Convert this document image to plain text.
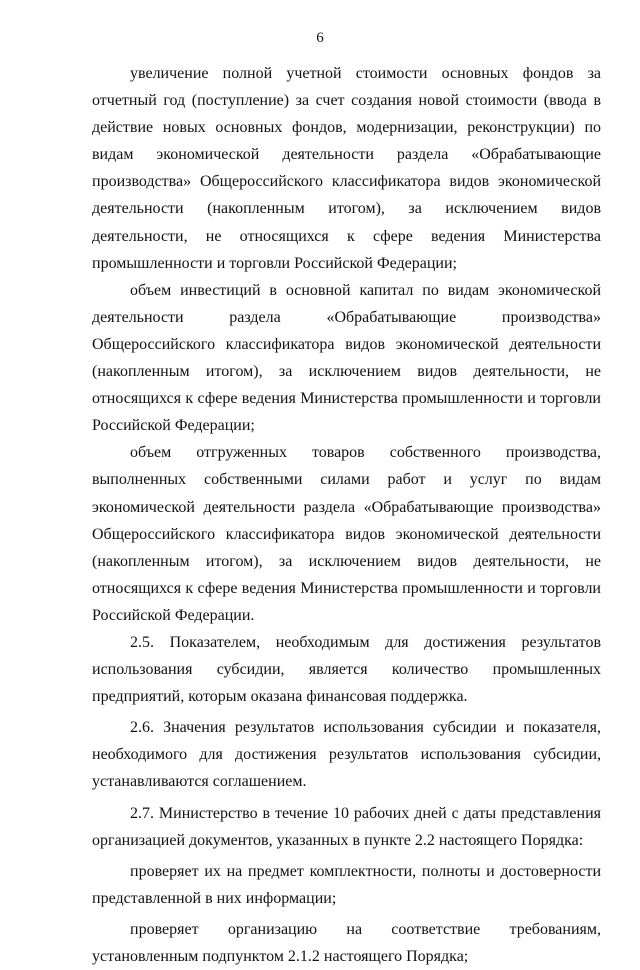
6

увеличение полной учетной стоимости основных фондов за отчетный год (поступление) за счет создания новой стоимости (ввода в действие новых основных фондов, модернизации, реконструкции) по видам экономической деятельности раздела «Обрабатывающие производства» Общероссийского классификатора видов экономической деятельности (накопленным итогом), за исключением видов деятельности, не относящихся к сфере ведения Министерства промышленности и торговли Российской Федерации;

объем инвестиций в основной капитал по видам экономической деятельности раздела «Обрабатывающие производства» Общероссийского классификатора видов экономической деятельности (накопленным итогом), за исключением видов деятельности, не относящихся к сфере ведения Министерства промышленности и торговли Российской Федерации;

объем отгруженных товаров собственного производства, выполненных собственными силами работ и услуг по видам экономической деятельности раздела «Обрабатывающие производства» Общероссийского классификатора видов экономической деятельности (накопленным итогом), за исключением видов деятельности, не относящихся к сфере ведения Министерства промышленности и торговли Российской Федерации.

2.5. Показателем, необходимым для достижения результатов использования субсидии, является количество промышленных предприятий, которым оказана финансовая поддержка.

2.6. Значения результатов использования субсидии и показателя, необходимого для достижения результатов использования субсидии, устанавливаются соглашением.

2.7. Министерство в течение 10 рабочих дней с даты представления организацией документов, указанных в пункте 2.2 настоящего Порядка:

проверяет их на предмет комплектности, полноты и достоверности представленной в них информации;

проверяет организацию на соответствие требованиям, установленным подпунктом 2.1.2 настоящего Порядка;
